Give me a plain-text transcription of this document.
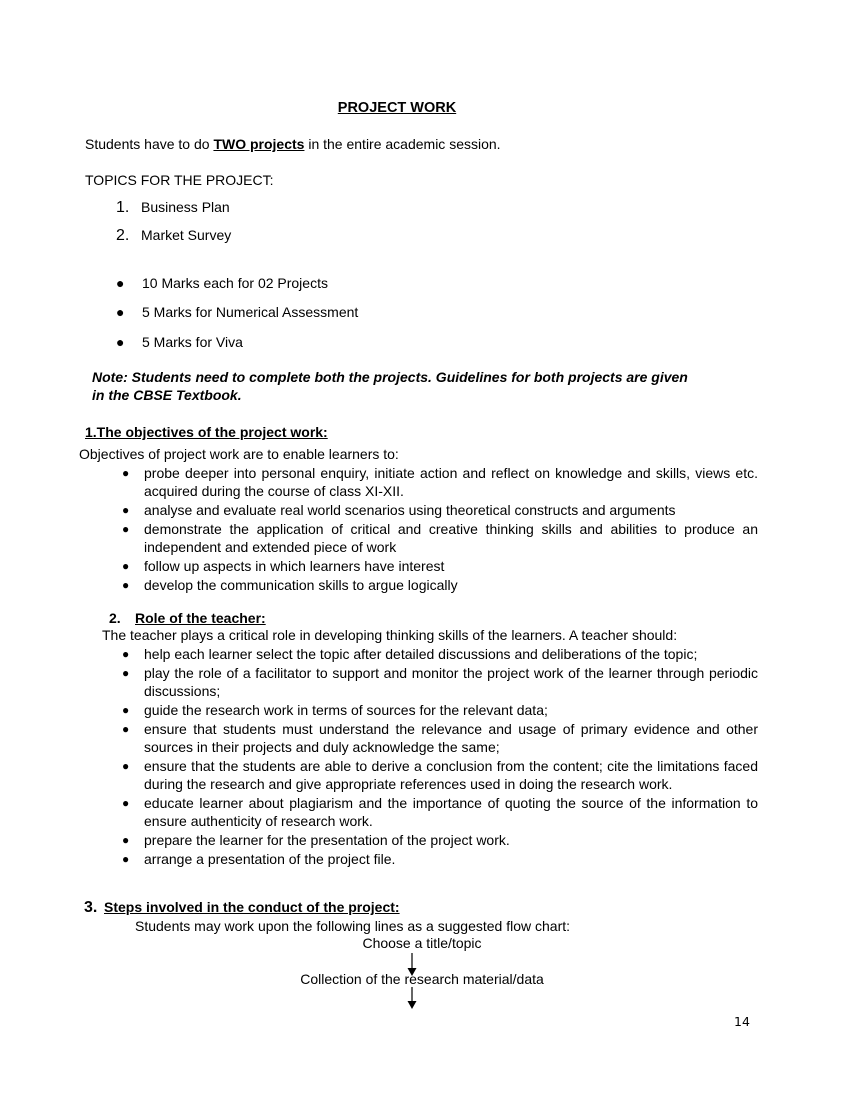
PROJECT WORK
Students have to do TWO projects in the entire academic session.
TOPICS FOR THE PROJECT:
1. Business Plan
2. Market Survey
● 10 Marks each for 02 Projects
● 5 Marks for Numerical Assessment
● 5 Marks for Viva
Note: Students need to complete both the projects. Guidelines for both projects are given
in the CBSE Textbook.
1.The objectives of the project work:
Objectives of project work are to enable learners to:
● probe deeper into personal enquiry, initiate action and reflect on knowledge and skills, views etc. acquired during the course of class XI-XII.
● analyse and evaluate real world scenarios using theoretical constructs and arguments
● demonstrate the application of critical and creative thinking skills and abilities to produce an independent and extended piece of work
● follow up aspects in which learners have interest
● develop the communication skills to argue logically
2. Role of the teacher:
The teacher plays a critical role in developing thinking skills of the learners. A teacher should:
● help each learner select the topic after detailed discussions and deliberations of the topic;
● play the role of a facilitator to support and monitor the project work of the learner through periodic discussions;
● guide the research work in terms of sources for the relevant data;
● ensure that students must understand the relevance and usage of primary evidence and other sources in their projects and duly acknowledge the same;
● ensure that the students are able to derive a conclusion from the content; cite the limitations faced during the research and give appropriate references used in doing the research work.
● educate learner about plagiarism and the importance of quoting the source of the information to ensure authenticity of research work.
● prepare the learner for the presentation of the project work.
● arrange a presentation of the project file.
3. Steps involved in the conduct of the project:
Students may work upon the following lines as a suggested flow chart:
Choose a title/topic
Collection of the research material/data
14
